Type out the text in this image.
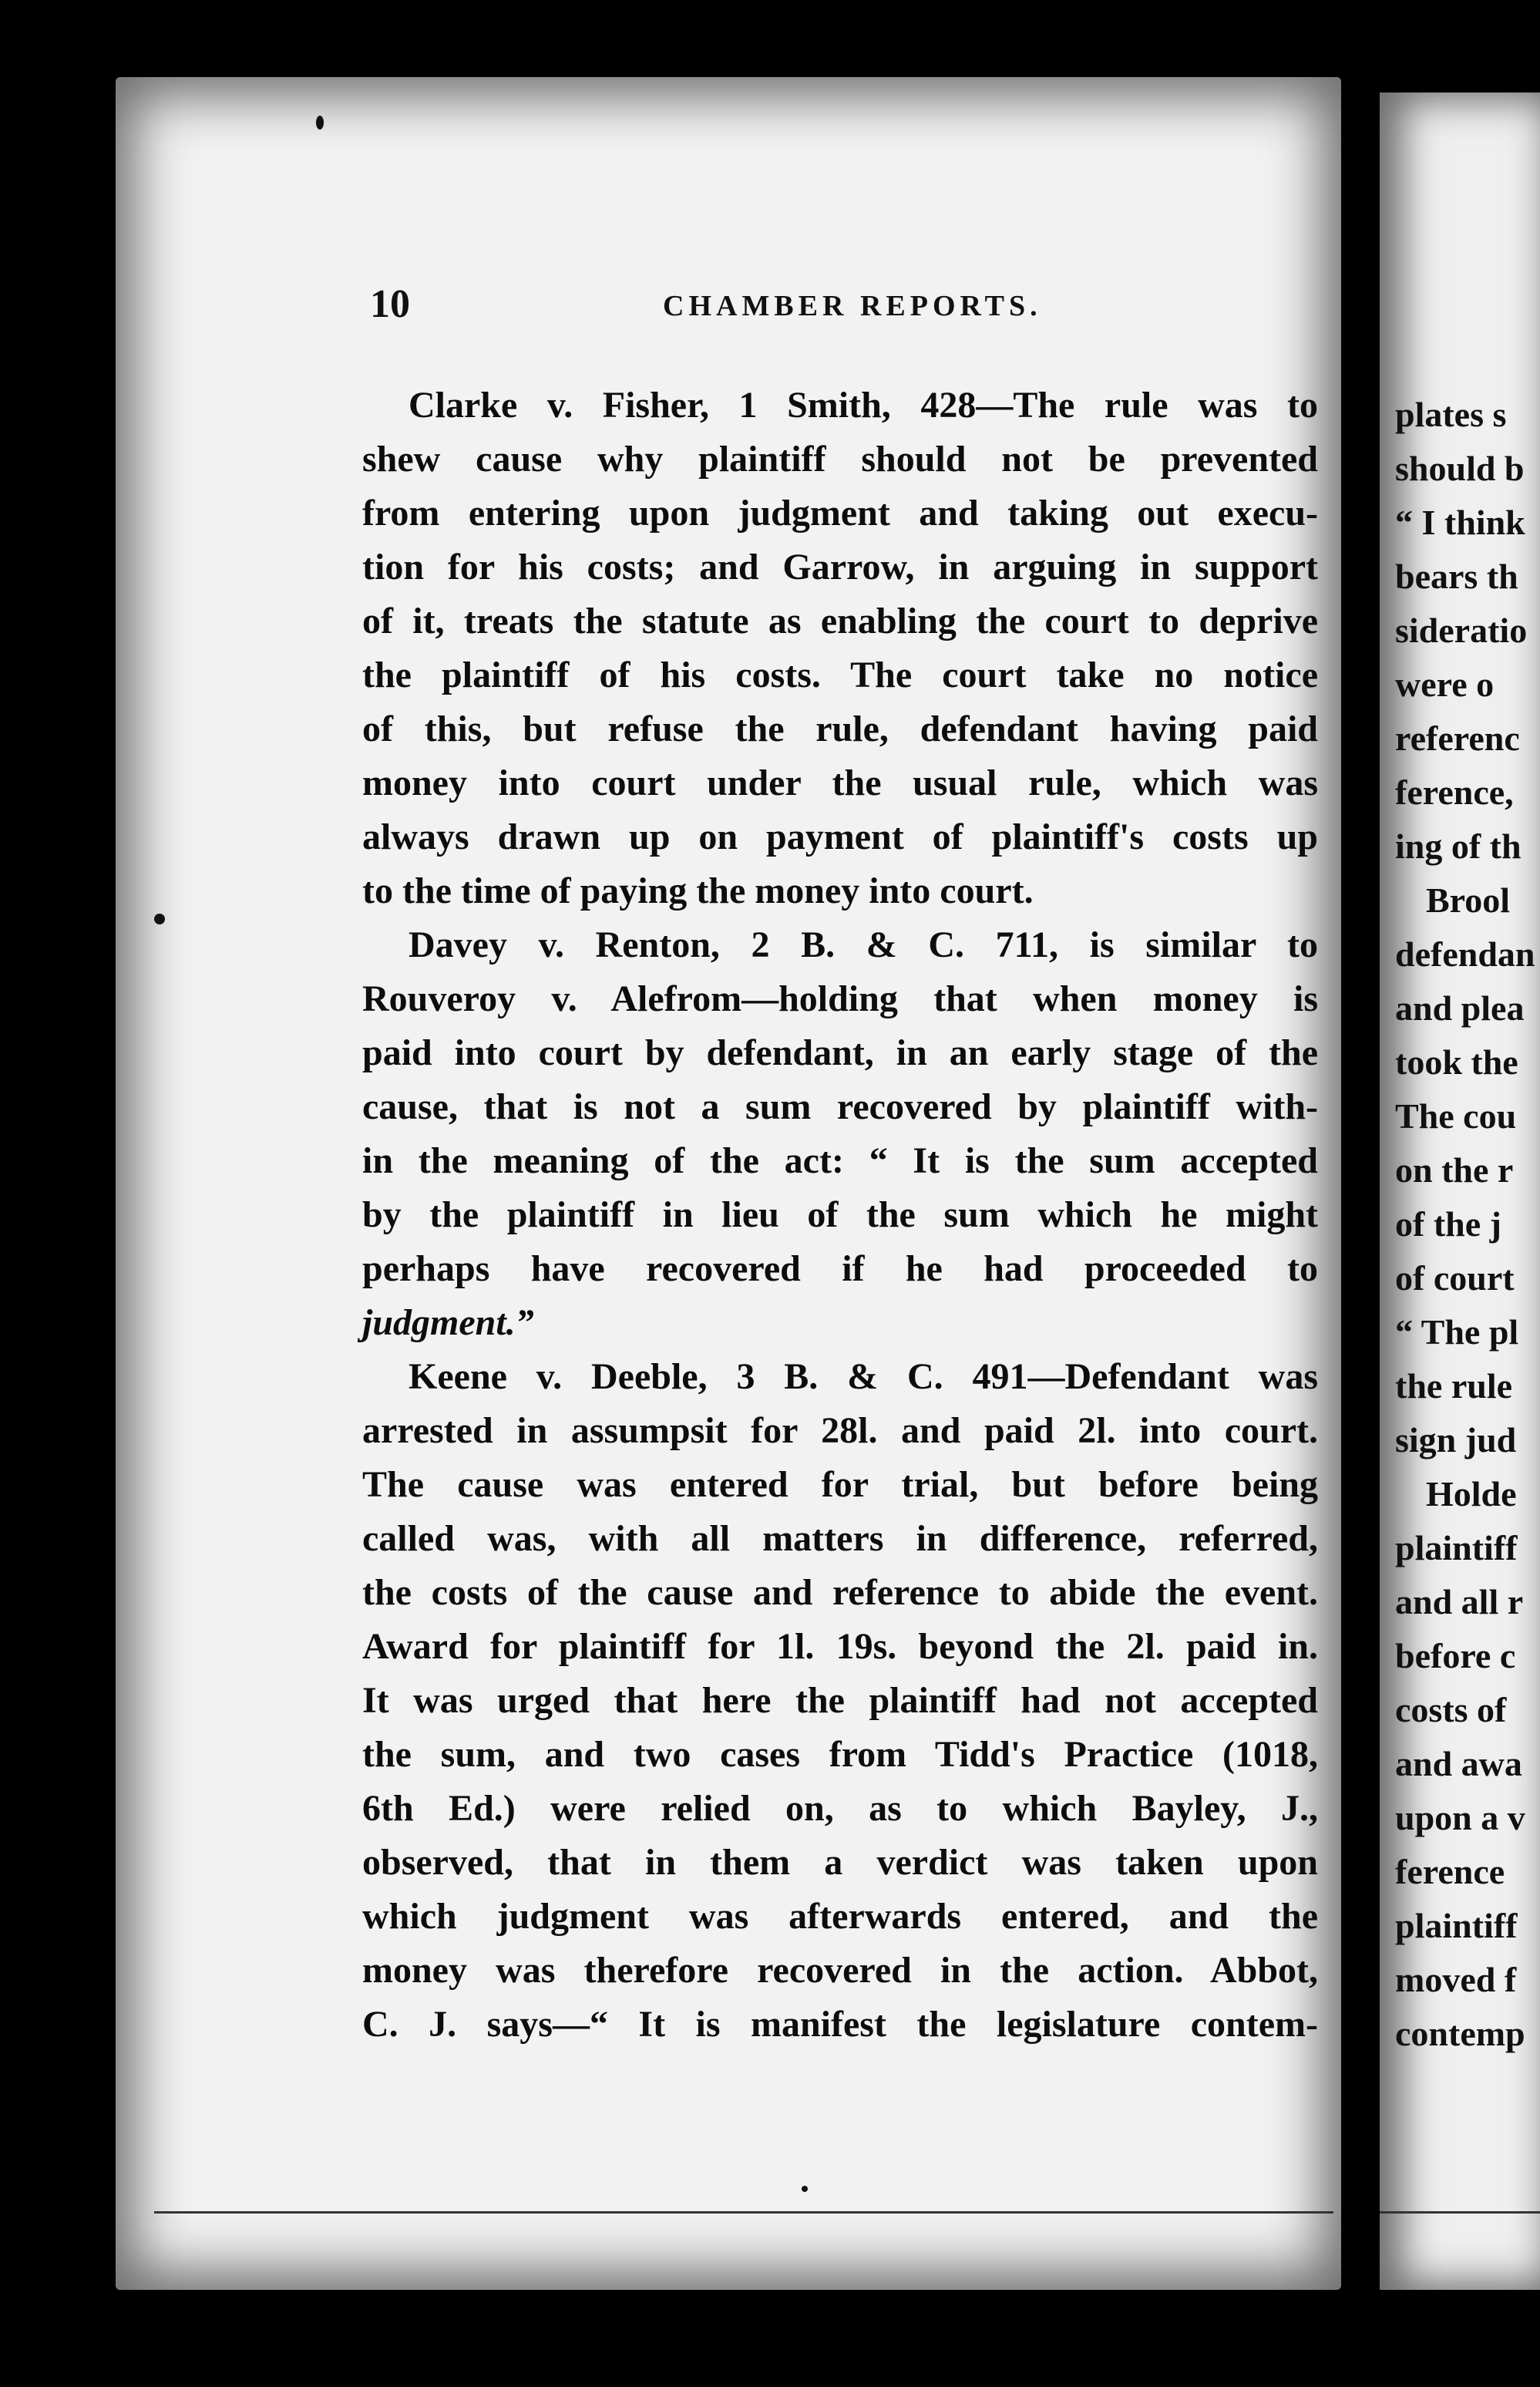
10	CHAMBER REPORTS.
Clarke v. Fisher, 1 Smith, 428—The rule was to
shew cause why plaintiff should not be prevented
from entering upon judgment and taking out execu-
tion for his costs; and Garrow, in arguing in support
of it, treats the statute as enabling the court to deprive
the plaintiff of his costs. The court take no notice
of this, but refuse the rule, defendant having paid
money into court under the usual rule, which was
always drawn up on payment of plaintiff's costs up
to the time of paying the money into court.
Davey v. Renton, 2 B. & C. 711, is similar to
Rouveroy v. Alefrom—holding that when money is
paid into court by defendant, in an early stage of the
cause, that is not a sum recovered by plaintiff with-
in the meaning of the act: “ It is the sum accepted
by the plaintiff in lieu of the sum which he might
perhaps have recovered if he had proceeded to
judgment.”
Keene v. Deeble, 3 B. & C. 491—Defendant was
arrested in assumpsit for 28l. and paid 2l. into court.
The cause was entered for trial, but before being
called was, with all matters in difference, referred,
the costs of the cause and reference to abide the event.
Award for plaintiff for 1l. 19s. beyond the 2l. paid in.
It was urged that here the plaintiff had not accepted
the sum, and two cases from Tidd's Practice (1018,
6th Ed.) were relied on, as to which Bayley, J.,
observed, that in them a verdict was taken upon
which judgment was afterwards entered, and the
money was therefore recovered in the action. Abbot,
C. J. says—“ It is manifest the legislature contem-
plates s
should b
“ I think
bears th
sideratio
were o
referenc
ference,
ing of th
Brool
defendan
and plea
took the
The cou
on the r
of the j
of court
“ The pl
the rule
sign jud
Holde
plaintiff
and all r
before c
costs of
and awa
upon a v
ference
plaintiff
moved f
contemp
